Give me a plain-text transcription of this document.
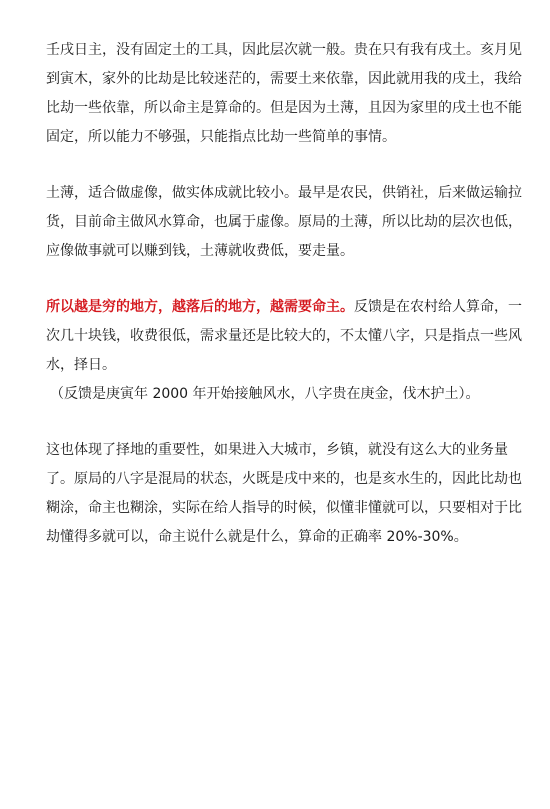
壬戌日主，没有固定土的工具，因此层次就一般。贵在只有我有戌土。亥月见到寅木，家外的比劫是比较迷茫的，需要土来依靠，因此就用我的戌土，我给比劫一些依靠，所以命主是算命的。但是因为土薄，且因为家里的戌土也不能固定，所以能力不够强，只能指点比劫一些简单的事情。

土薄，适合做虚像，做实体成就比较小。最早是农民，供销社，后来做运输拉货，目前命主做风水算命，也属于虚像。原局的土薄，所以比劫的层次也低，应像做事就可以赚到钱，土薄就收费低，要走量。

所以越是穷的地方，越落后的地方，越需要命主。反馈是在农村给人算命，一次几十块钱，收费很低，需求量还是比较大的，不太懂八字，只是指点一些风水，择日。

（反馈是庚寅年 2000 年开始接触风水，八字贵在庚金，伐木护土）。

这也体现了择地的重要性，如果进入大城市，乡镇，就没有这么大的业务量了。原局的八字是混局的状态，火既是戌中来的，也是亥水生的，因此比劫也糊涂，命主也糊涂，实际在给人指导的时候，似懂非懂就可以，只要相对于比劫懂得多就可以，命主说什么就是什么，算命的正确率 20%-30%。
